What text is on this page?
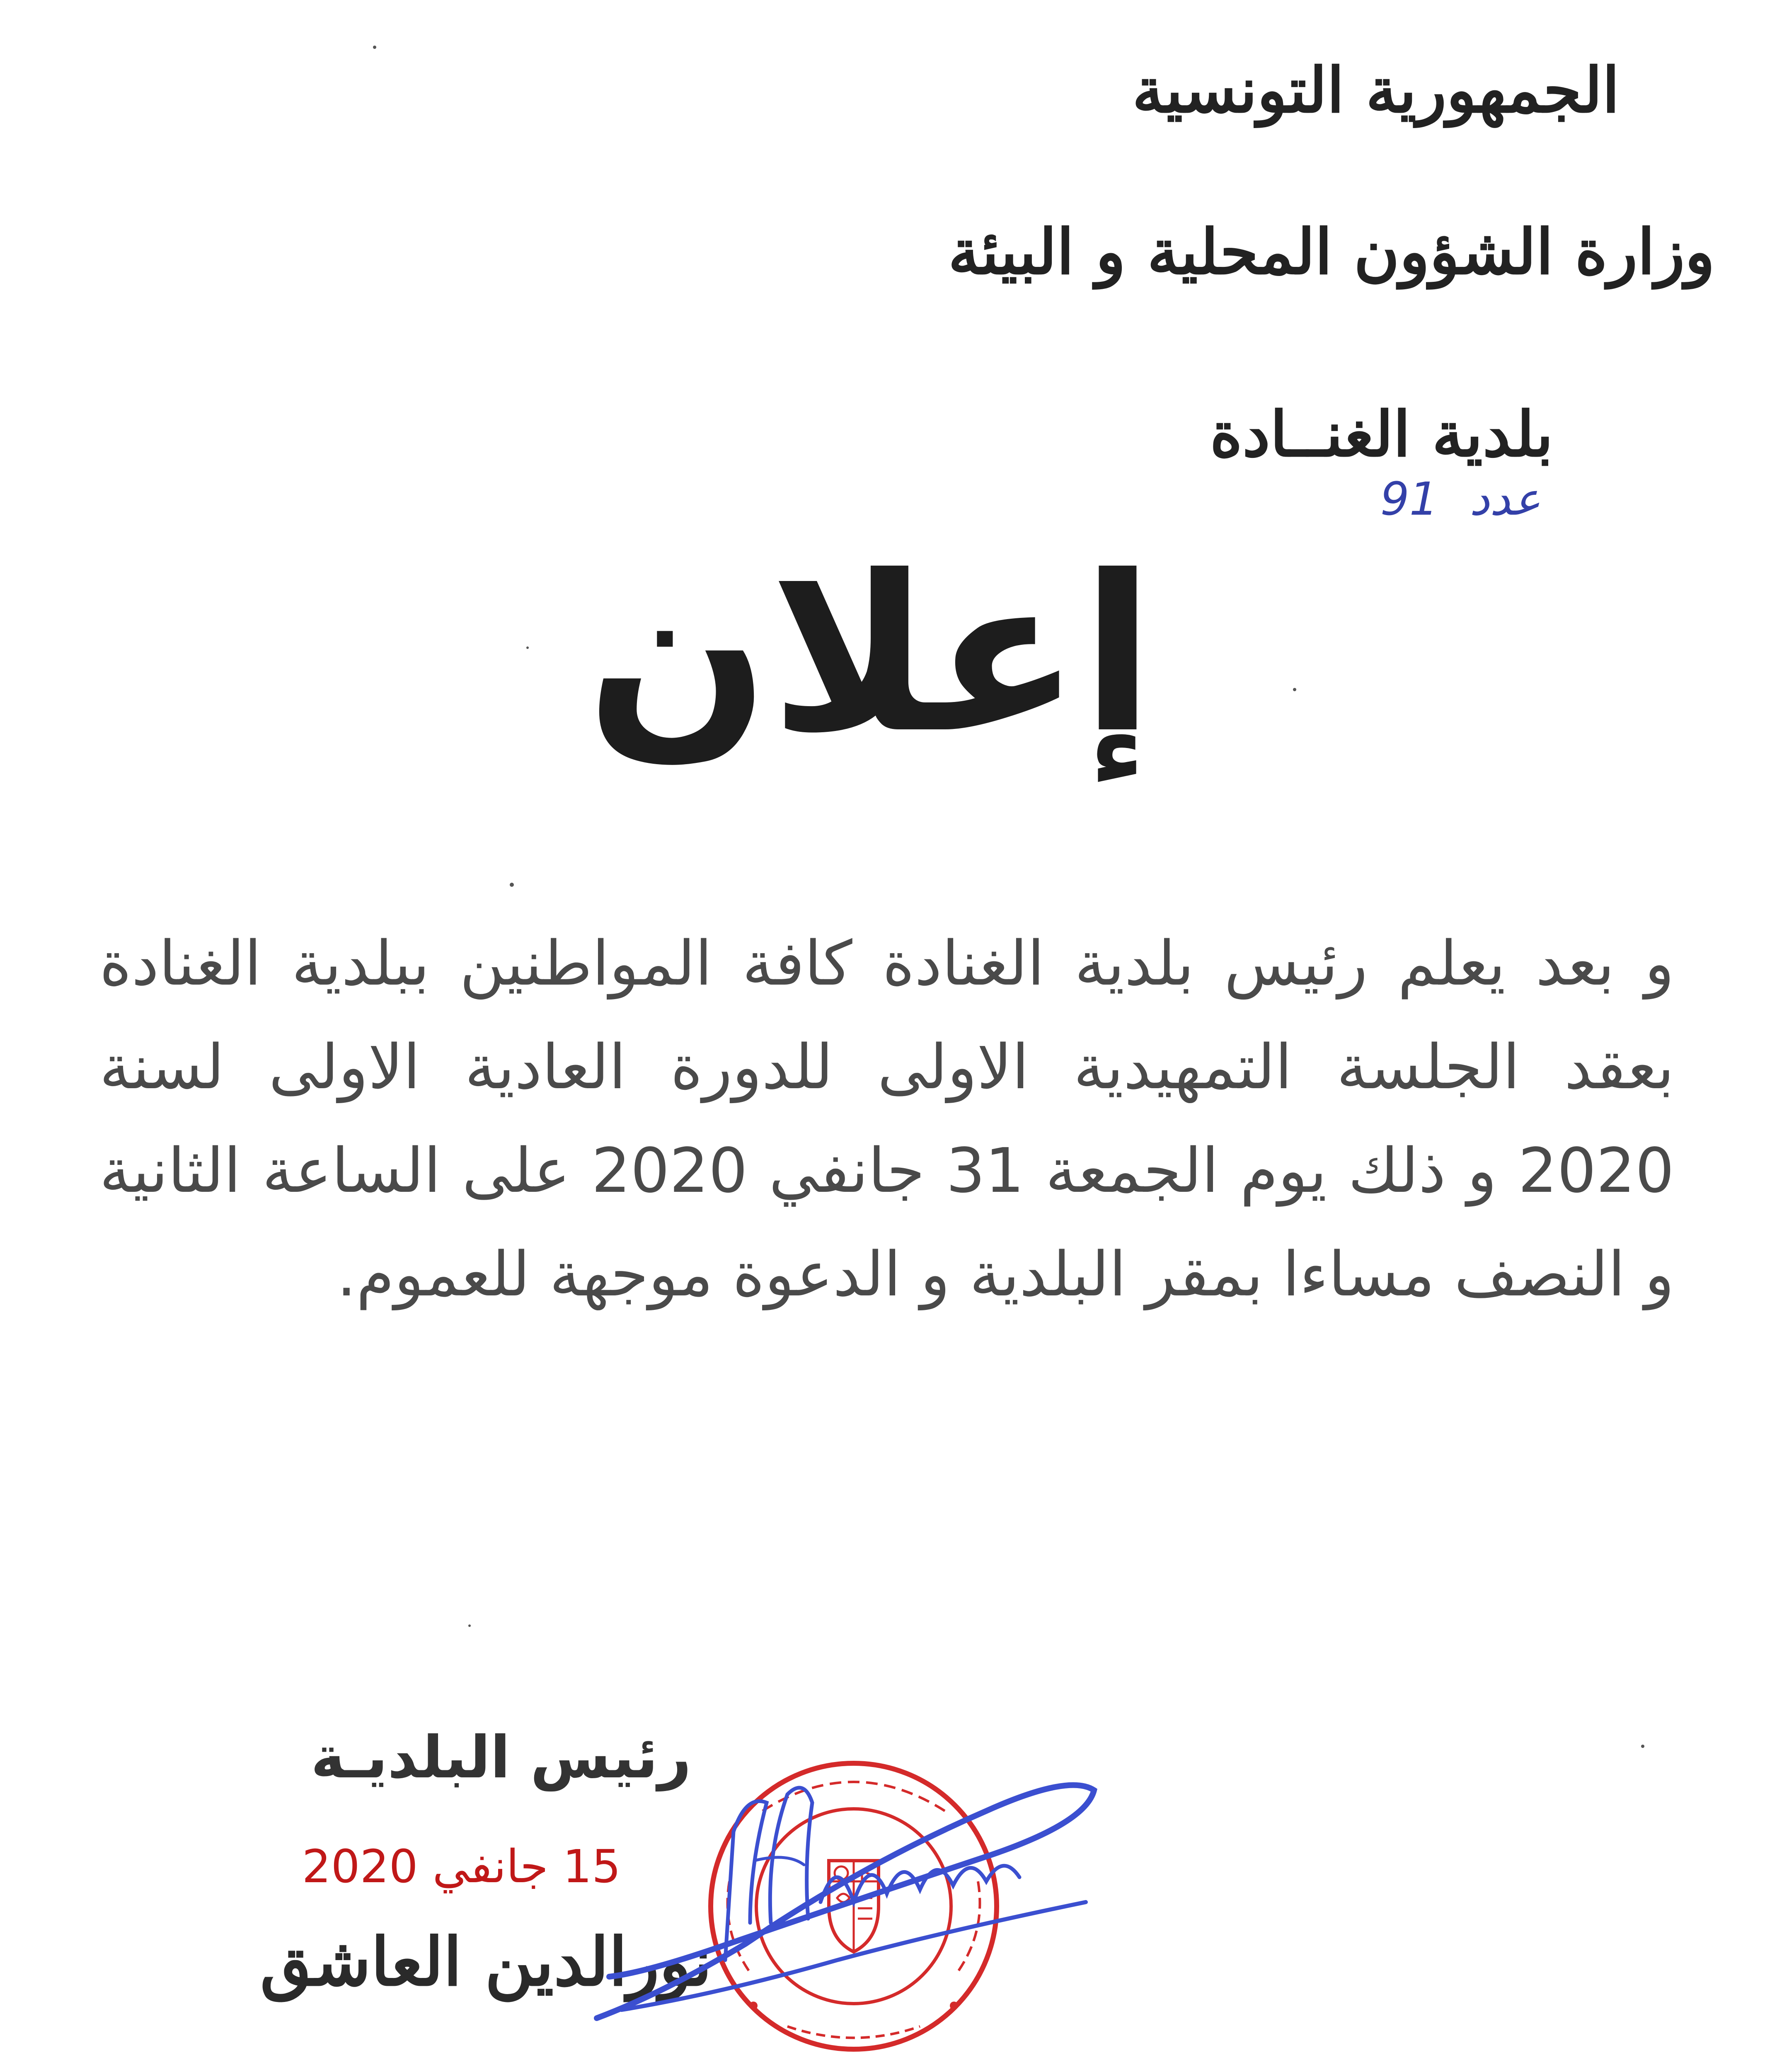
الجمهورية التونسية
وزارة الشؤون المحلية و البيئة
بلدية الغنــادة
عدد 91
إعلان
و بعد يعلم رئيس بلدية الغنادة كافة المواطنين ببلدية الغنادة بعقد الجلسة التمهيدية الاولى للدورة العادية الاولى لسنة 2020 و ذلك يوم الجمعة 31 جانفي 2020 على الساعة الثانية و النصف مساءا بمقر البلدية و الدعوة موجهة للعموم.
رئيس البلديـة
15 جانفي 2020
نورالدين العاشق
